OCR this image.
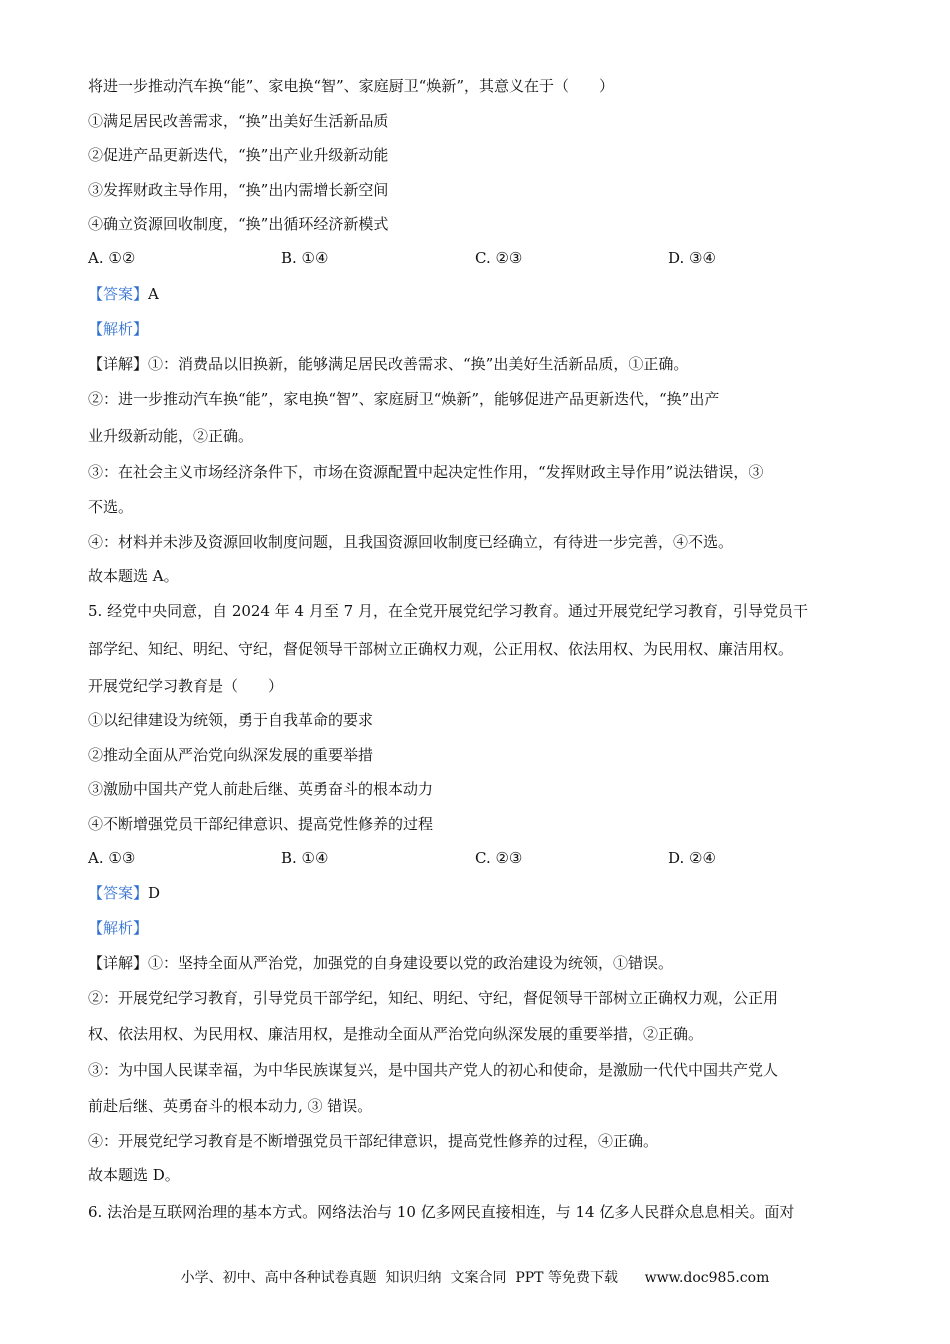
将进一步推动汽车换“能”、家电换“智”、家庭厨卫“焕新”，其意义在于（　　）
①满足居民改善需求，“换”出美好生活新品质
②促进产品更新迭代，“换”出产业升级新动能
③发挥财政主导作用，“换”出内需增长新空间
④确立资源回收制度，“换”出循环经济新模式
A. ①②	B. ①④	C. ②③	D. ③④
【答案】A
【解析】
【详解】①：消费品以旧换新，能够满足居民改善需求、“换”出美好生活新品质，①正确。
②：进一步推动汽车换“能”，家电换“智”、家庭厨卫“焕新”，能够促进产品更新迭代，“换”出产
业升级新动能，②正确。
③：在社会主义市场经济条件下，市场在资源配置中起决定性作用，“发挥财政主导作用”说法错误，③
不选。
④：材料并未涉及资源回收制度问题，且我国资源回收制度已经确立，有待进一步完善，④不选。
故本题选 A。
5. 经党中央同意，自 2024 年 4 月至 7 月，在全党开展党纪学习教育。通过开展党纪学习教育，引导党员干
部学纪、知纪、明纪、守纪，督促领导干部树立正确权力观，公正用权、依法用权、为民用权、廉洁用权。
开展党纪学习教育是（　　）
①以纪律建设为统领，勇于自我革命的要求
②推动全面从严治党向纵深发展的重要举措
③激励中国共产党人前赴后继、英勇奋斗的根本动力
④不断增强党员干部纪律意识、提高党性修养的过程
A. ①③	B. ①④	C. ②③	D. ②④
【答案】D
【解析】
【详解】①：坚持全面从严治党，加强党的自身建设要以党的政治建设为统领，①错误。
②：开展党纪学习教育，引导党员干部学纪，知纪、明纪、守纪，督促领导干部树立正确权力观，公正用
权、依法用权、为民用权、廉洁用权，是推动全面从严治党向纵深发展的重要举措，②正确。
③：为中国人民谋幸福，为中华民族谋复兴，是中国共产党人的初心和使命，是激励一代代中国共产党人
前赴后继、英勇奋斗的根本动力, ③ 错误。
④：开展党纪学习教育是不断增强党员干部纪律意识，提高党性修养的过程，④正确。
故本题选 D。
6. 法治是互联网治理的基本方式。网络法治与 10 亿多网民直接相连，与 14 亿多人民群众息息相关。面对
小学、初中、高中各种试卷真题  知识归纳  文案合同  PPT 等免费下载      www.doc985.com
